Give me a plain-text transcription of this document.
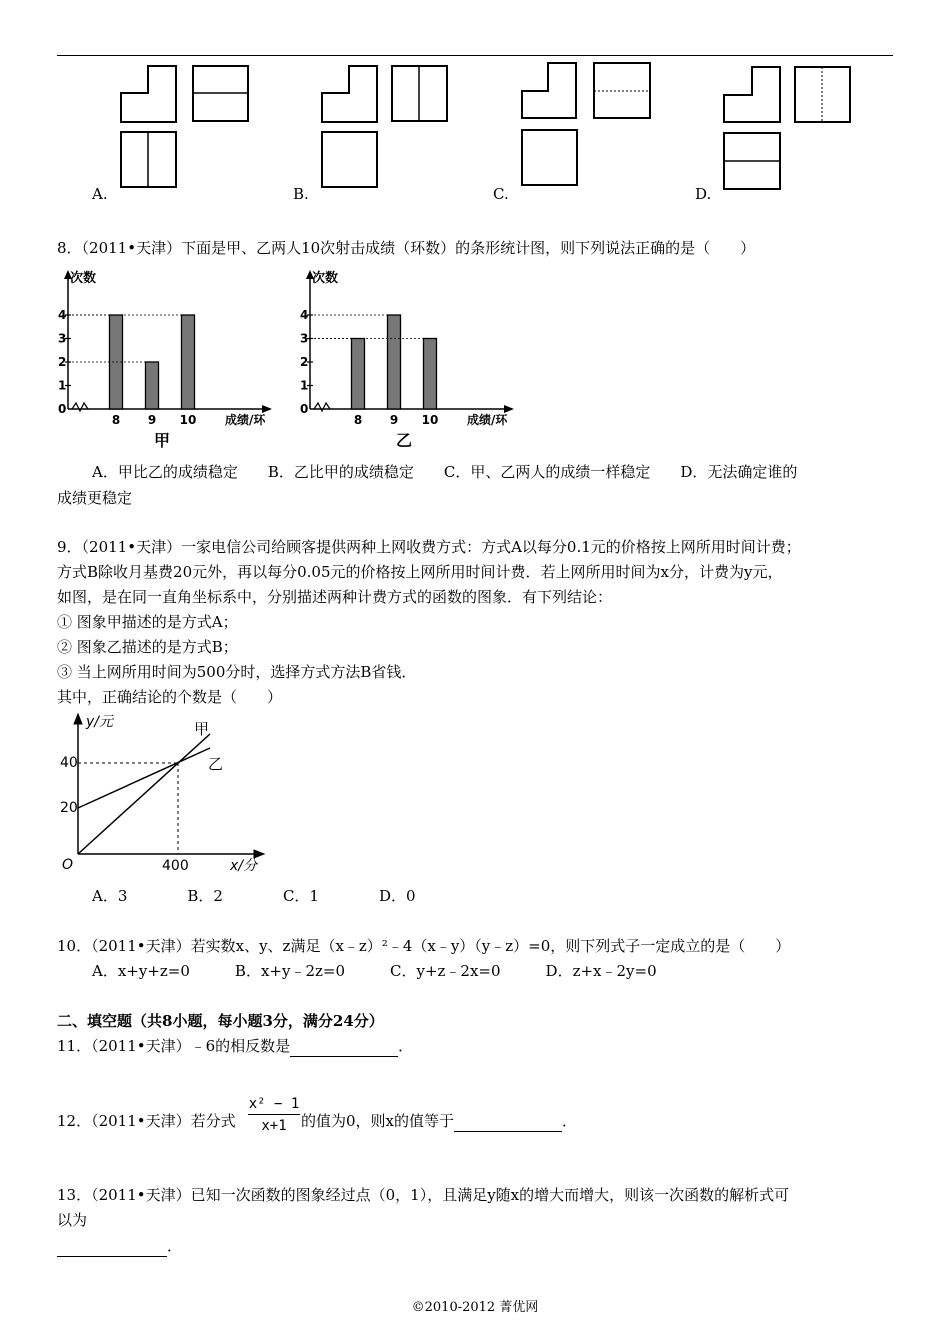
A.	B.	C.	D.
8．（2011•天津）下面是甲、乙两人10次射击成绩（环数）的条形统计图，则下列说法正确的是（　　）
0
1
2
3
4
次数
8 9 10 成绩/环
甲
0
1
2
3
4
次数
8 9 10 成绩/环
乙
A．甲比乙的成绩稳定　　B．乙比甲的成绩稳定　　C．甲、乙两人的成绩一样稳定　　D．无法确定谁的
成绩更稳定
9．（2011•天津）一家电信公司给顾客提供两种上网收费方式：方式A以每分0.1元的价格按上网所用时间计费；
方式B除收月基费20元外，再以每分0.05元的价格按上网所用时间计费．若上网所用时间为x分，计费为y元，
如图，是在同一直角坐标系中，分别描述两种计费方式的函数的图象．有下列结论：
① 图象甲描述的是方式A；
② 图象乙描述的是方式B；
③ 当上网所用时间为500分时，选择方式方法B省钱．
其中，正确结论的个数是（　　）
y/元
40
20
O	400	x/分
甲
乙
A．3　　　　B．2　　　　C．1　　　　D．0
10．（2011•天津）若实数x、y、z满足（x﹣z）²﹣4（x﹣y）（y﹣z）=0，则下列式子一定成立的是（　　）
A．x+y+z=0　　　B．x+y﹣2z=0　　　C．y+z﹣2x=0　　　D．z+x﹣2y=0
二、填空题（共8小题，每小题3分，满分24分）
11．（2011•天津）﹣6的相反数是	．
12．（2011•天津）若分式 $\frac{\text{x² − 1}}{x+1}$ 的值为0，则x的值等于	．
13．（2011•天津）已知一次函数的图象经过点（0，1），且满足y随x的增大而增大，则该一次函数的解析式可
以为
．
©2010-2012 菁优网
